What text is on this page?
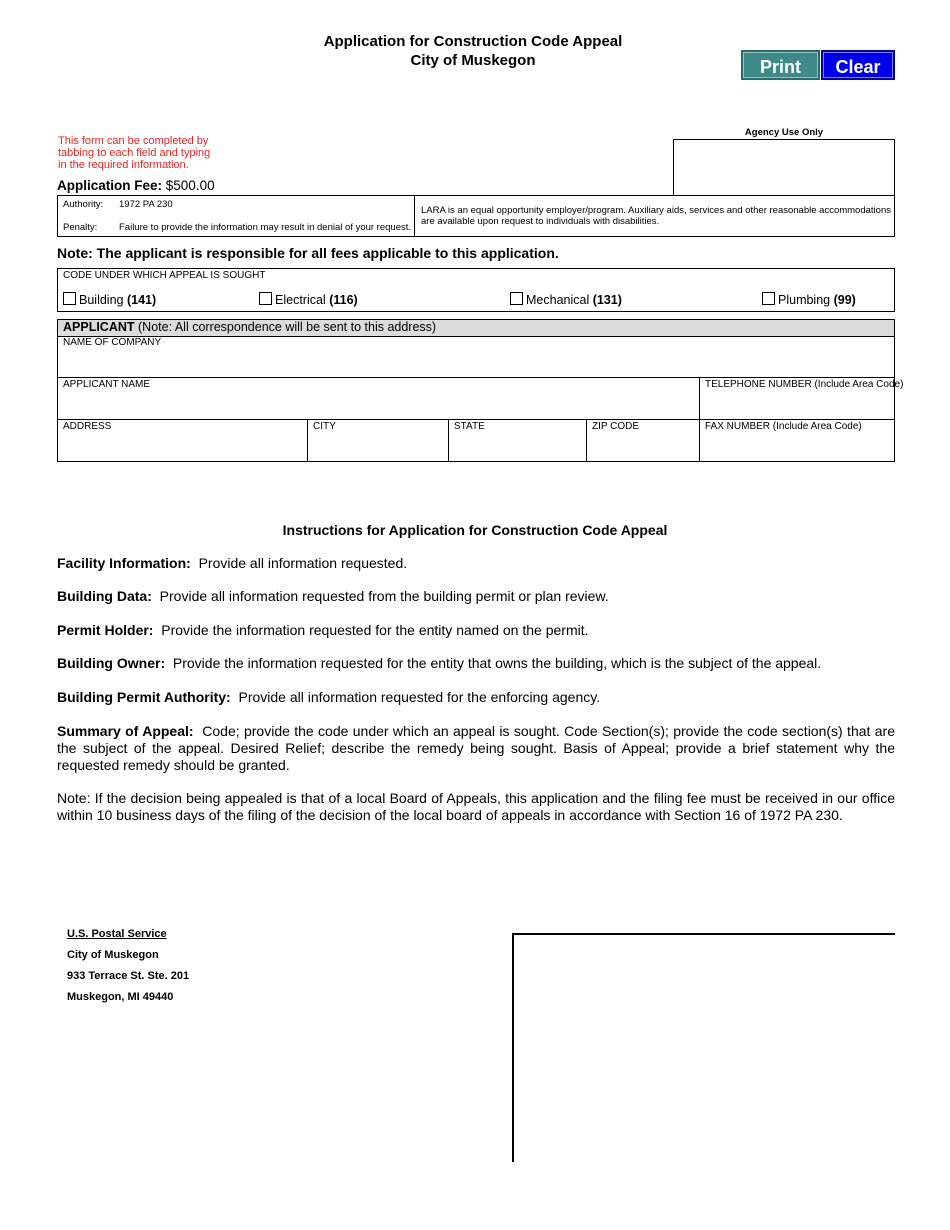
Application for Construction Code Appeal
City of Muskegon	Print	Clear
This form can be completed by
tabbing to each field and typing
in the required information.
Agency Use Only
Application Fee: $500.00
Authority: 1972 PA 230
Penalty: Failure to provide the information may result in denial of your request.
LARA is an equal opportunity employer/program. Auxiliary aids, services and other reasonable accommodations are available upon request to individuals with disabilities.
Note: The applicant is responsible for all fees applicable to this application.
CODE UNDER WHICH APPEAL IS SOUGHT
Building (141)	Electrical (116)	Mechanical (131)	Plumbing (99)
APPLICANT (Note: All correspondence will be sent to this address)
NAME OF COMPANY
APPLICANT NAME	TELEPHONE NUMBER (Include Area Code)
ADDRESS	CITY	STATE	ZIP CODE	FAX NUMBER (Include Area Code)
Instructions for Application for Construction Code Appeal
Facility Information: Provide all information requested.
Building Data: Provide all information requested from the building permit or plan review.
Permit Holder: Provide the information requested for the entity named on the permit.
Building Owner: Provide the information requested for the entity that owns the building, which is the subject of the appeal.
Building Permit Authority: Provide all information requested for the enforcing agency.
Summary of Appeal: Code; provide the code under which an appeal is sought. Code Section(s); provide the code section(s) that are the subject of the appeal. Desired Relief; describe the remedy being sought. Basis of Appeal; provide a brief statement why the requested remedy should be granted.
Note: If the decision being appealed is that of a local Board of Appeals, this application and the filing fee must be received in our office within 10 business days of the filing of the decision of the local board of appeals in accordance with Section 16 of 1972 PA 230.
U.S. Postal Service
City of Muskegon
933 Terrace St. Ste. 201
Muskegon, MI 49440
